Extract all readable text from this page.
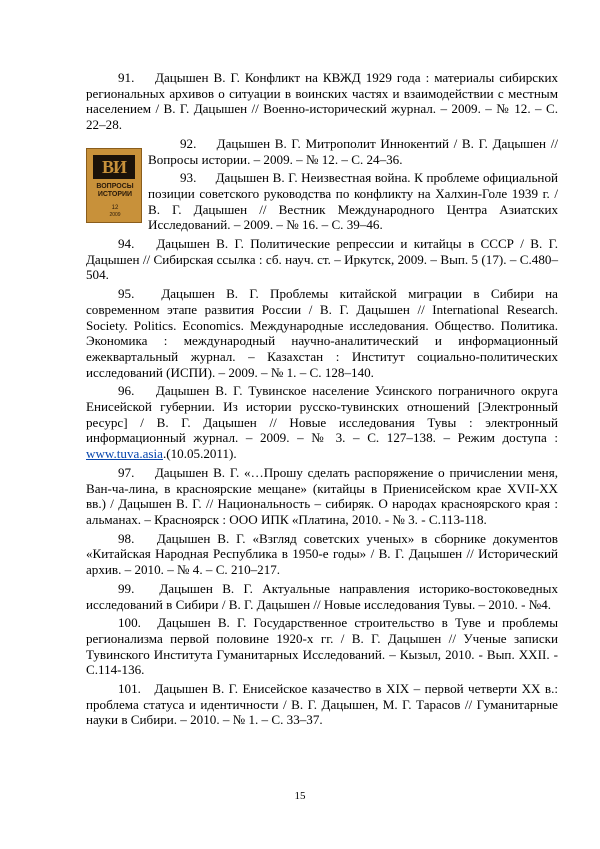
ВИ
ВОПРОСЫ
ИСТОРИИ
12
2009

91. Дацышен В. Г. Конфликт на КВЖД 1929 года : материалы сибирских региональных архивов о ситуации в воинских частях и взаимодействии с местным населением / В. Г. Дацышен // Военно-исторический журнал. – 2009. – № 12. – С. 22–28.

92. Дацышен В. Г. Митрополит Иннокентий / В. Г. Дацышен // Вопросы истории. – 2009. – № 12. – С. 24–36.

93. Дацышен В. Г. Неизвестная война. К проблеме официальной позиции советского руководства по конфликту на Халхин-Голе 1939 г. / В. Г. Дацышен // Вестник Международного Центра Азиатских Исследований. – 2009. – № 16. – С. 39–46.

94. Дацышен В. Г. Политические репрессии и китайцы в СССР / В. Г. Дацышен // Сибирская ссылка : сб. науч. ст. – Иркутск, 2009. – Вып. 5 (17). – С.480–504.

95. Дацышен В. Г. Проблемы китайской миграции в Сибири на современном этапе развития России / В. Г. Дацышен // International Research. Society. Politics. Economics. Международные исследования. Общество. Политика. Экономика : международный научно-аналитический и информационный ежеквартальный журнал. – Казахстан : Институт социально-политических исследований (ИСПИ). – 2009. – № 1. – С. 128–140.

96. Дацышен В. Г. Тувинское население Усинского пограничного округа Енисейской губернии. Из истории русско-тувинских отношений [Электронный ресурс] / В. Г. Дацышен // Новые исследования Тувы : электронный информационный журнал. – 2009. – № 3. – С. 127–138. – Режим доступа : www.tuva.asia.(10.05.2011).

97. Дацышен В. Г. «…Прошу сделать распоряжение о причислении меня, Ван-ча-лина, в красноярские мещане» (китайцы в Приенисейском крае XVII-XX вв.) / Дацышен В. Г. // Национальность – сибиряк. О народах красноярского края : альманах. – Красноярск : ООО ИПК «Платина, 2010. - № 3. - С.113-118.

98. Дацышен В. Г. «Взгляд советских ученых» в сборнике документов «Китайская Народная Республика в 1950-е годы» / В. Г. Дацышен // Исторический архив. – 2010. – № 4. – С. 210–217.

99. Дацышен В. Г. Актуальные направления историко-востоковедных исследований в Сибири / В. Г. Дацышен // Новые исследования Тувы. – 2010. - №4.

100. Дацышен В. Г. Государственное строительство в Туве и проблемы регионализма первой половине 1920-х гг. / В. Г. Дацышен // Ученые записки Тувинского Института Гуманитарных Исследований. – Кызыл, 2010. - Вып. XXII. - С.114-136.

101. Дацышен В. Г. Енисейское казачество в XIX – первой четверти XX в.: проблема статуса и идентичности / В. Г. Дацышен, М. Г. Тарасов // Гуманитарные науки в Сибири. – 2010. – № 1. – С. 33–37.

15
